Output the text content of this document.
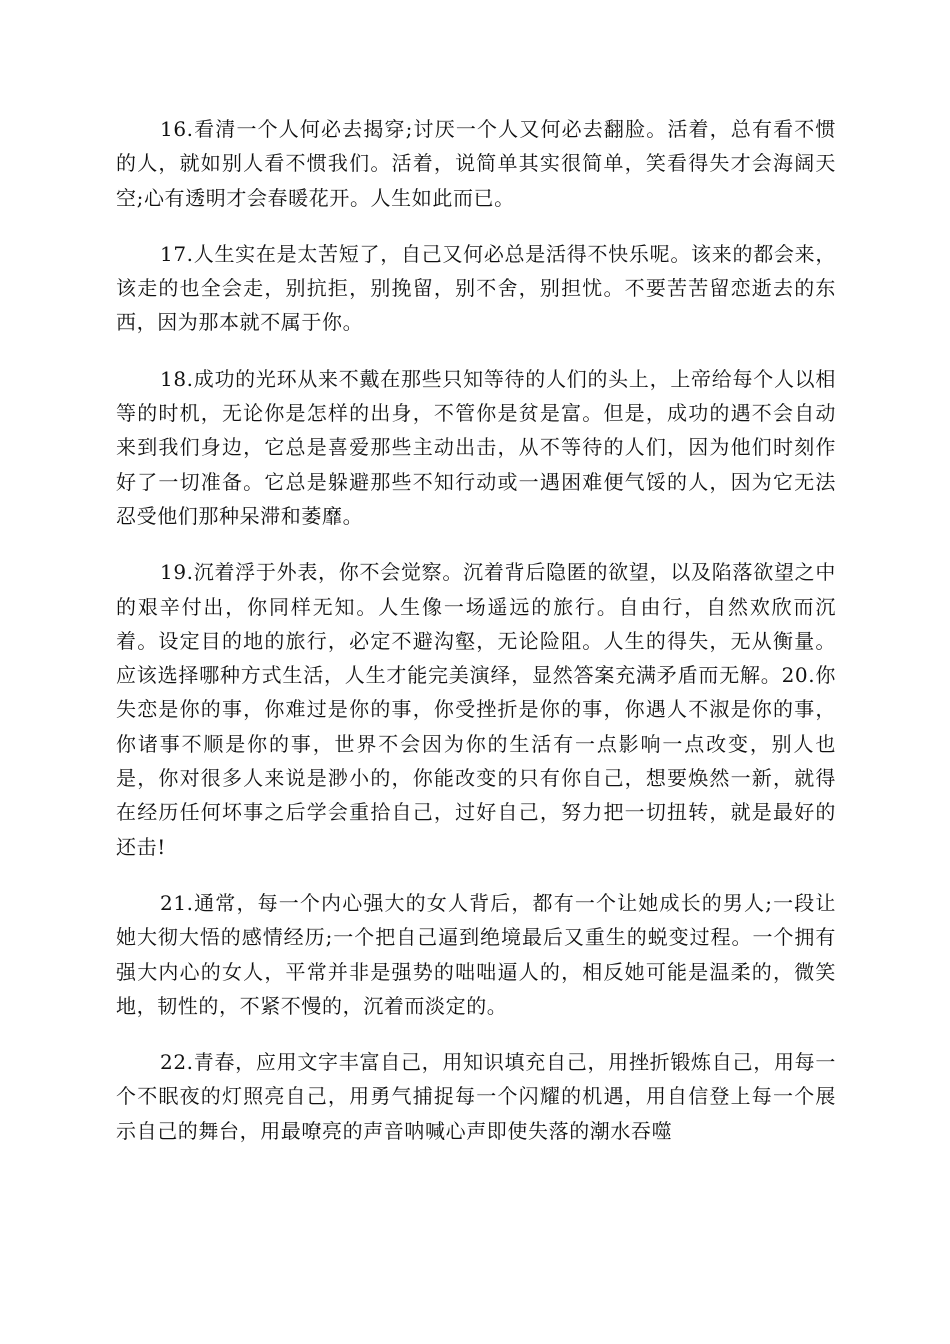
16.看清一个人何必去揭穿;讨厌一个人又何必去翻脸。活着，总有看不惯的人，就如别人看不惯我们。活着，说简单其实很简单，笑看得失才会海阔天空;心有透明才会春暖花开。人生如此而已。

17.人生实在是太苦短了，自己又何必总是活得不快乐呢。该来的都会来，该走的也全会走，别抗拒，别挽留，别不舍，别担忧。不要苦苦留恋逝去的东西，因为那本就不属于你。

18.成功的光环从来不戴在那些只知等待的人们的头上，上帝给每个人以相等的时机，无论你是怎样的出身，不管你是贫是富。但是，成功的遇不会自动来到我们身边，它总是喜爱那些主动出击，从不等待的人们，因为他们时刻作好了一切准备。它总是躲避那些不知行动或一遇困难便气馁的人，因为它无法忍受他们那种呆滞和萎靡。

19.沉着浮于外表，你不会觉察。沉着背后隐匿的欲望，以及陷落欲望之中的艰辛付出，你同样无知。人生像一场遥远的旅行。自由行，自然欢欣而沉着。设定目的地的旅行，必定不避沟壑，无论险阻。人生的得失，无从衡量。应该选择哪种方式生活，人生才能完美演绎，显然答案充满矛盾而无解。20.你失恋是你的事，你难过是你的事，你受挫折是你的事，你遇人不淑是你的事，你诸事不顺是你的事，世界不会因为你的生活有一点影响一点改变，别人也是，你对很多人来说是渺小的，你能改变的只有你自己，想要焕然一新，就得在经历任何坏事之后学会重拾自己，过好自己，努力把一切扭转，就是最好的还击!

21.通常，每一个内心强大的女人背后，都有一个让她成长的男人;一段让她大彻大悟的感情经历;一个把自己逼到绝境最后又重生的蜕变过程。一个拥有强大内心的女人，平常并非是强势的咄咄逼人的，相反她可能是温柔的，微笑地，韧性的，不紧不慢的，沉着而淡定的。

22.青春，应用文字丰富自己，用知识填充自己，用挫折锻炼自己，用每一个不眠夜的灯照亮自己，用勇气捕捉每一个闪耀的机遇，用自信登上每一个展示自己的舞台，用最嘹亮的声音呐喊心声即使失落的潮水吞噬
